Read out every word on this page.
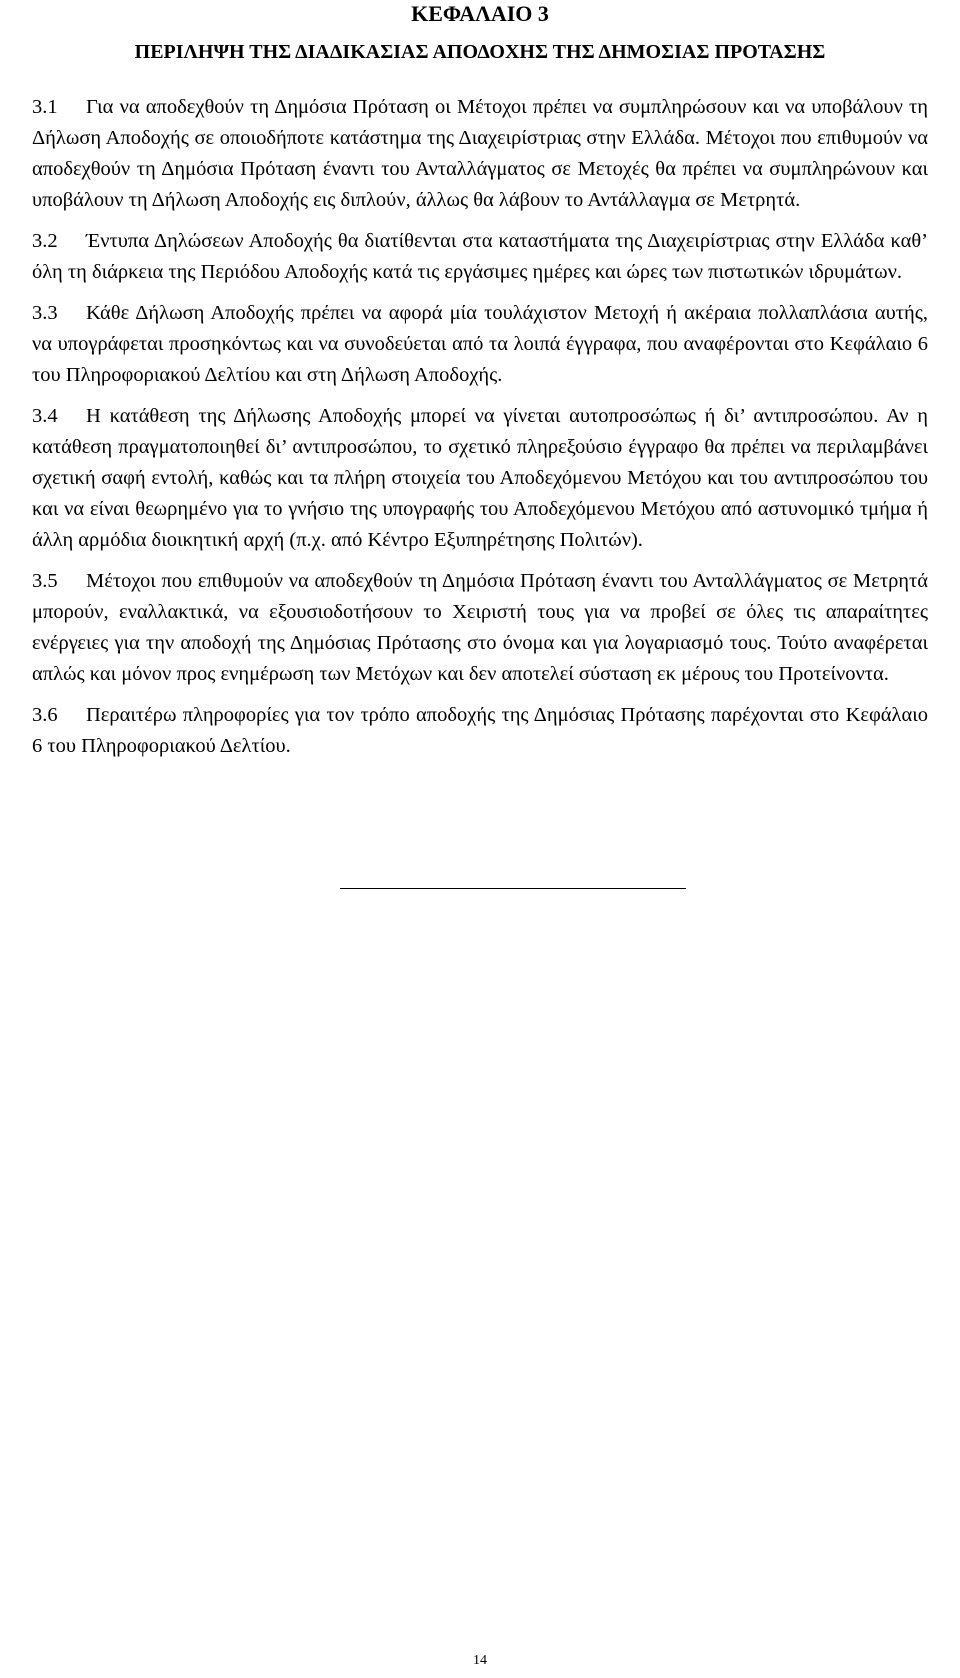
ΚΕΦΑΛΑΙΟ 3
ΠΕΡΙΛΗΨΗ ΤΗΣ ΔΙΑΔΙΚΑΣΙΑΣ ΑΠΟΔΟΧΗΣ ΤΗΣ ΔΗΜΟΣΙΑΣ ΠΡΟΤΑΣΗΣ

3.1 Για να αποδεχθούν τη Δημόσια Πρόταση οι Μέτοχοι πρέπει να συμπληρώσουν και να υποβάλουν τη Δήλωση Αποδοχής σε οποιοδήποτε κατάστημα της Διαχειρίστριας στην Ελλάδα. Μέτοχοι που επιθυμούν να αποδεχθούν τη Δημόσια Πρόταση έναντι του Ανταλλάγματος σε Μετοχές θα πρέπει να συμπληρώνουν και υποβάλουν τη Δήλωση Αποδοχής εις διπλούν, άλλως θα λάβουν το Αντάλλαγμα σε Μετρητά.

3.2 Έντυπα Δηλώσεων Αποδοχής θα διατίθενται στα καταστήματα της Διαχειρίστριας στην Ελλάδα καθ’ όλη τη διάρκεια της Περιόδου Αποδοχής κατά τις εργάσιμες ημέρες και ώρες των πιστωτικών ιδρυμάτων.

3.3 Κάθε Δήλωση Αποδοχής πρέπει να αφορά μία τουλάχιστον Μετοχή ή ακέραια πολλαπλάσια αυτής, να υπογράφεται προσηκόντως και να συνοδεύεται από τα λοιπά έγγραφα, που αναφέρονται στο Κεφάλαιο 6 του Πληροφοριακού Δελτίου και στη Δήλωση Αποδοχής.

3.4 Η κατάθεση της Δήλωσης Αποδοχής μπορεί να γίνεται αυτοπροσώπως ή δι’ αντιπροσώπου. Αν η κατάθεση πραγματοποιηθεί δι’ αντιπροσώπου, το σχετικό πληρεξούσιο έγγραφο θα πρέπει να περιλαμβάνει σχετική σαφή εντολή, καθώς και τα πλήρη στοιχεία του Αποδεχόμενου Μετόχου και του αντιπροσώπου του και να είναι θεωρημένο για το γνήσιο της υπογραφής του Αποδεχόμενου Μετόχου από αστυνομικό τμήμα ή άλλη αρμόδια διοικητική αρχή (π.χ. από Κέντρο Εξυπηρέτησης Πολιτών).

3.5 Μέτοχοι που επιθυμούν να αποδεχθούν τη Δημόσια Πρόταση έναντι του Ανταλλάγματος σε Μετρητά μπορούν, εναλλακτικά, να εξουσιοδοτήσουν το Χειριστή τους για να προβεί σε όλες τις απαραίτητες ενέργειες για την αποδοχή της Δημόσιας Πρότασης στο όνομα και για λογαριασμό τους. Τούτο αναφέρεται απλώς και μόνον προς ενημέρωση των Μετόχων και δεν αποτελεί σύσταση εκ μέρους του Προτείνοντα.

3.6 Περαιτέρω πληροφορίες για τον τρόπο αποδοχής της Δημόσιας Πρότασης παρέχονται στο Κεφάλαιο 6 του Πληροφοριακού Δελτίου.

14
